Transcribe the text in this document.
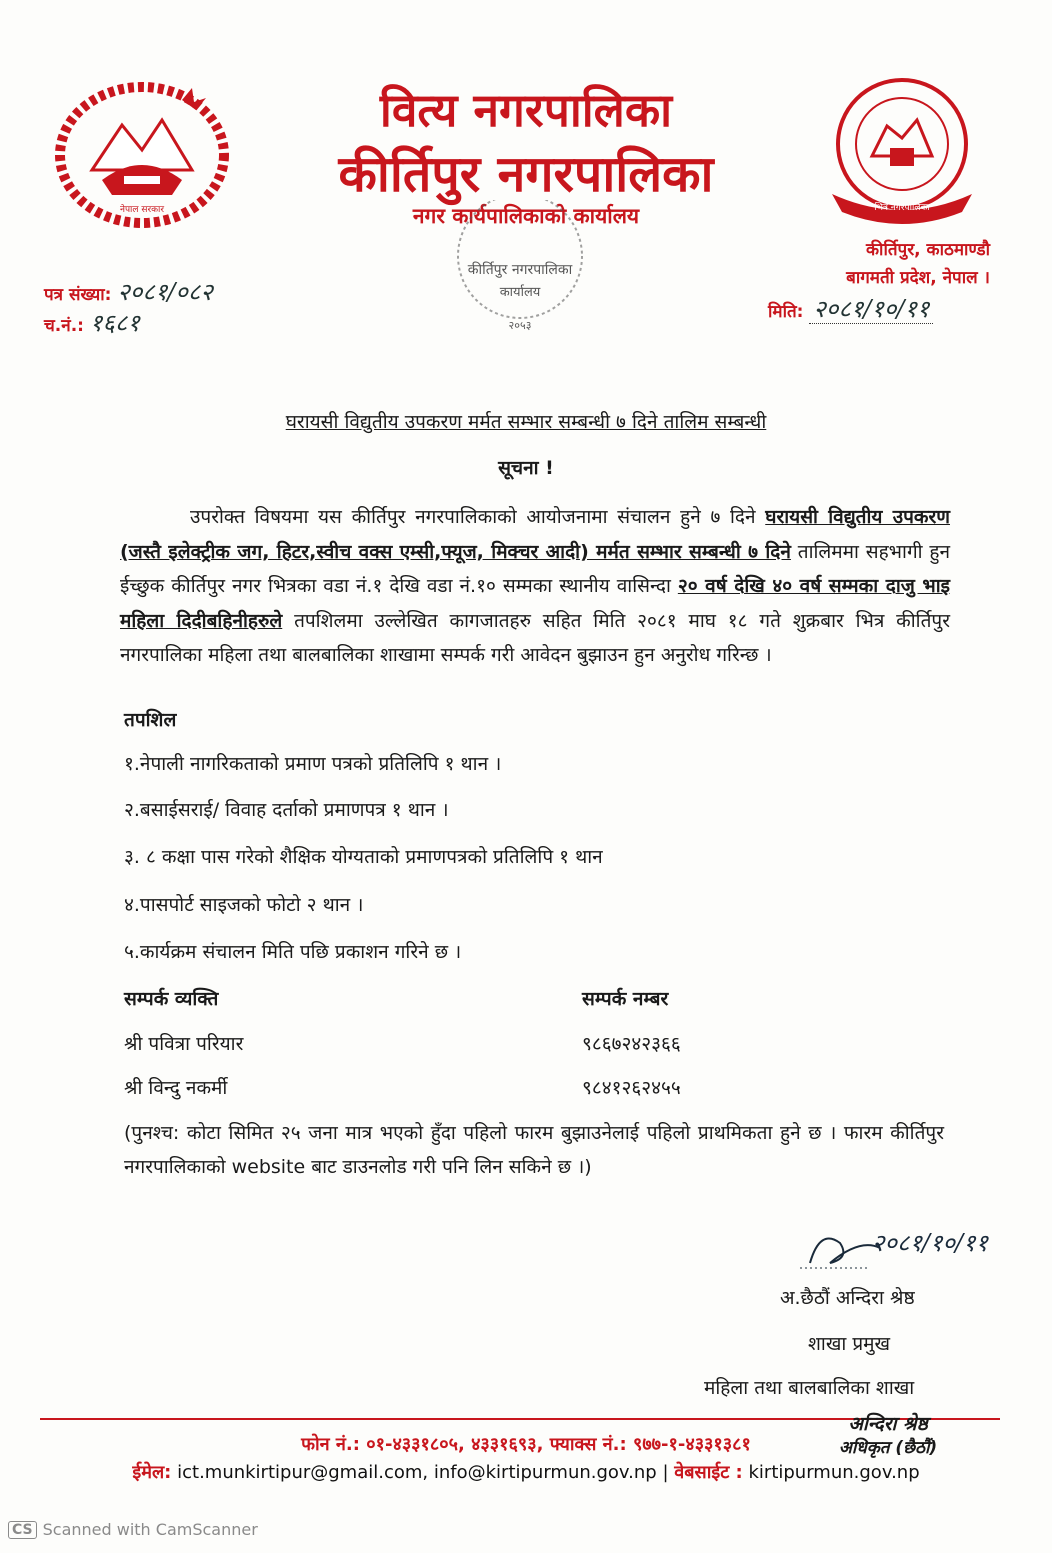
नेपाल सरकार
वित्य नगरपालिका
कीर्तिपुर नगरपालिका
नगर कार्यपालिकाको कार्यालय	भित्र नगरपालिका
कीर्तिपुर, काठमाण्डौ
बागमती प्रदेश, नेपाल ।
पत्र संख्या: २०८१/०८२
च.नं.: १६८१
कीर्तिपुर नगरपालिका
कार्यालय
२०५३
मिति: २०८१/१०/११
घरायसी विद्युतीय उपकरण मर्मत सम्भार सम्बन्धी ७ दिने तालिम सम्बन्धी
सूचना !
उपरोक्त विषयमा यस कीर्तिपुर नगरपालिकाको आयोजनामा संचालन हुने ७ दिने घरायसी विद्युतीय उपकरण (जस्तै इलेक्ट्रीक जग, हिटर,स्वीच वक्स एम्सी,फ्यूज, मिक्चर आदी) मर्मत सम्भार सम्बन्धी ७ दिने तालिममा सहभागी हुन ईच्छुक कीर्तिपुर नगर भित्रका वडा नं.१ देखि वडा नं.१० सम्मका स्थानीय वासिन्दा २० वर्ष देखि ४० वर्ष सम्मका दाजु भाइ महिला दिदीबहिनीहरुले तपशिलमा उल्लेखित कागजातहरु सहित मिति २०८१ माघ १८ गते शुक्रबार भित्र कीर्तिपुर नगरपालिका महिला तथा बालबालिका शाखामा सम्पर्क गरी आवेदन बुझाउन हुन अनुरोध गरिन्छ ।
तपशिल
१.नेपाली नागरिकताको प्रमाण पत्रको प्रतिलिपि १ थान ।
२.बसाईसराई/ विवाह दर्ताको प्रमाणपत्र १ थान ।
३. ८ कक्षा पास गरेको शैक्षिक योग्यताको प्रमाणपत्रको प्रतिलिपि १ थान
४.पासपोर्ट साइजको फोटो २ थान ।
५.कार्यक्रम संचालन मिति पछि प्रकाशन गरिने छ ।
सम्पर्क व्यक्ति	सम्पर्क नम्बर
श्री पवित्रा परियार	९८६७२४२३६६
श्री विन्दु नकर्मी	९८४१२६२४५५
(पुनश्च: कोटा सिमित २५ जना मात्र भएको हुँदा पहिलो फारम बुझाउनेलाई पहिलो प्राथमिकता हुने छ । फारम कीर्तिपुर नगरपालिकाको website बाट डाउनलोड गरी पनि लिन सकिने छ ।)
२०८१/१०/११
अ.छैठौं अन्दिरा श्रेष्ठ
शाखा प्रमुख
महिला तथा बालबालिका शाखा
अन्दिरा श्रेष्ठ
अधिकृत (छैठौं)
फोन नं.: ०१-४३३१८०५, ४३३१६९३, फ्याक्स नं.: ९७७-१-४३३१३८१
ईमेल: ict.munkirtipur@gmail.com, info@kirtipurmun.gov.np | वेबसाईट : kirtipurmun.gov.np
CS Scanned with CamScanner
